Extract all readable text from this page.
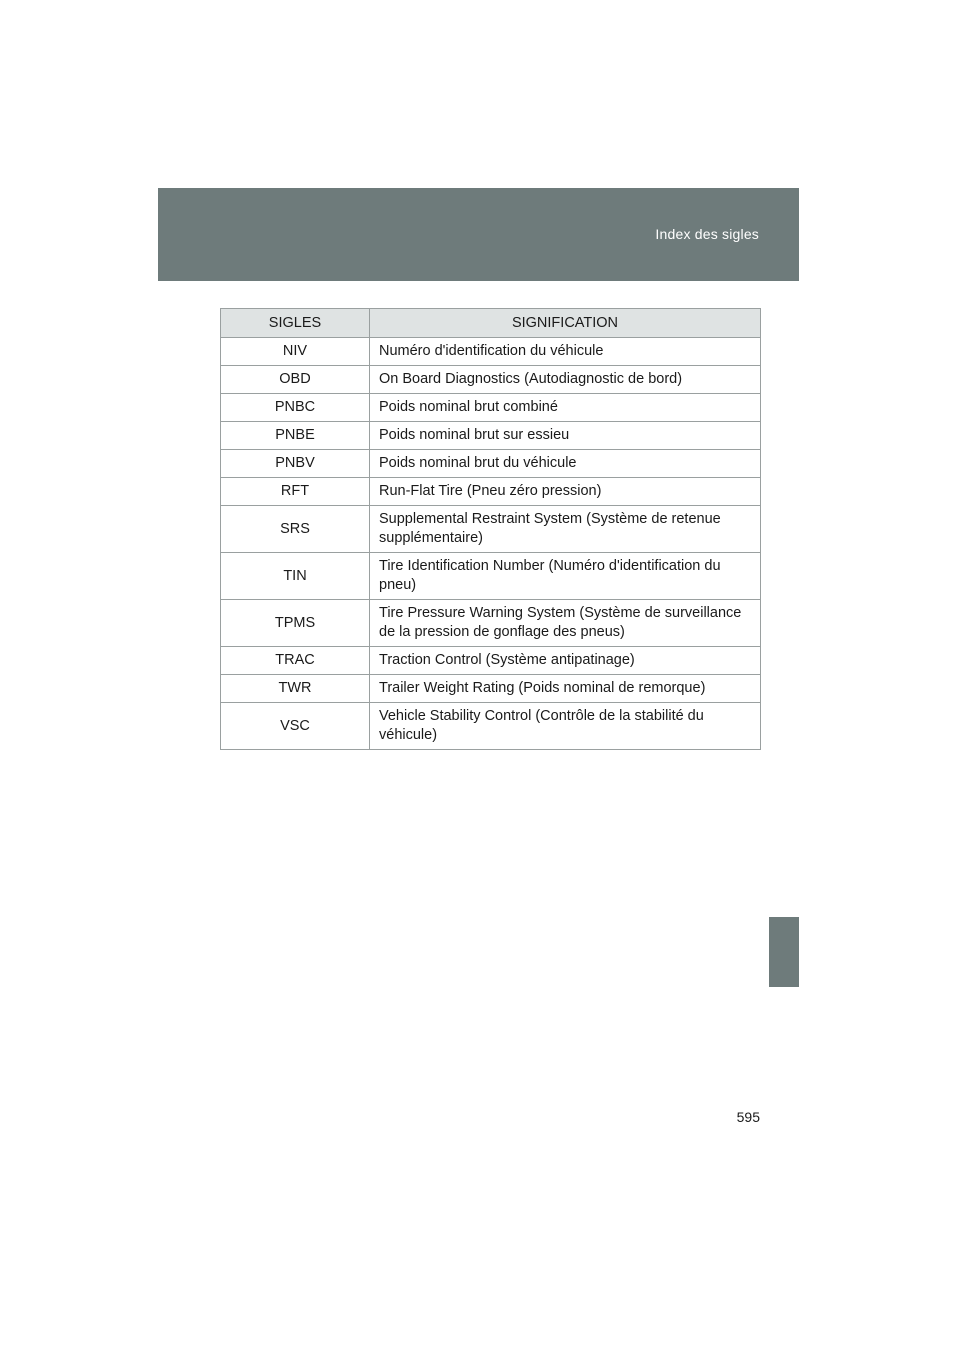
Index des sigles
SIGLES	SIGNIFICATION
NIV	Numéro d'identification du véhicule
OBD	On Board Diagnostics (Autodiagnostic de bord)
PNBC	Poids nominal brut combiné
PNBE	Poids nominal brut sur essieu
PNBV	Poids nominal brut du véhicule
RFT	Run-Flat Tire (Pneu zéro pression)
SRS	Supplemental Restraint System (Système de retenue supplémentaire)
TIN	Tire Identification Number (Numéro d'identification du pneu)
TPMS	Tire Pressure Warning System (Système de surveillance de la pression de gonflage des pneus)
TRAC	Traction Control (Système antipatinage)
TWR	Trailer Weight Rating (Poids nominal de remorque)
VSC	Vehicle Stability Control (Contrôle de la stabilité du véhicule)
595
